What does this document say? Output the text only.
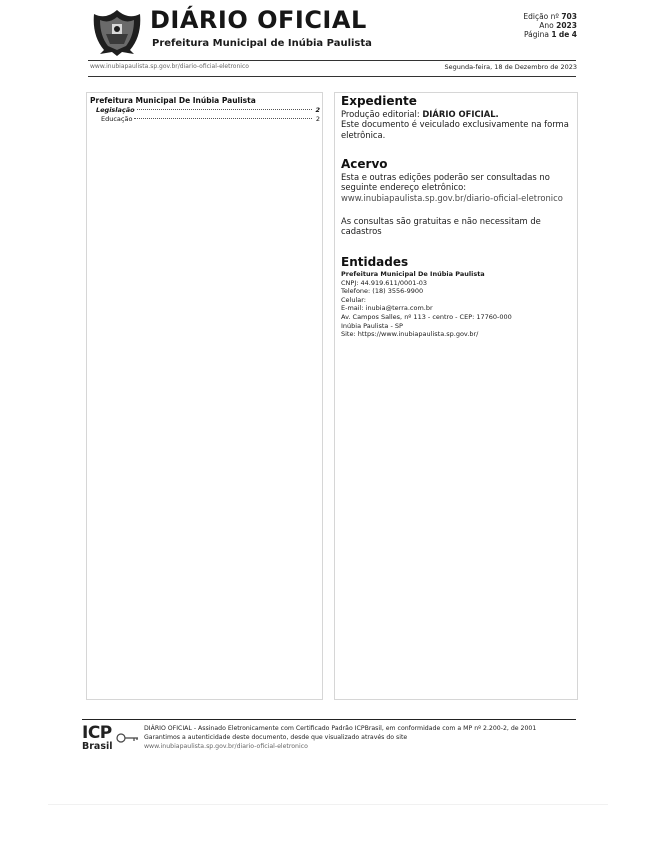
DIÁRIO OFICIAL
Prefeitura Municipal de Inúbia Paulista
Edição nº 703
Ano 2023
Página 1 de 4
www.inubiapaulista.sp.gov.br/diario-oficial-eletronico	Segunda-feira, 18 de Dezembro de 2023
Prefeitura Municipal De Inúbia Paulista
Legislação	2
Educação	2
Expediente
Produção editorial: DIÁRIO OFICIAL.
Este documento é veiculado exclusivamente na forma eletrônica.
Acervo
Esta e outras edições poderão ser consultadas no seguinte endereço eletrônico:
www.inubiapaulista.sp.gov.br/diario-oficial-eletronico
As consultas são gratuitas e não necessitam de cadastros
Entidades
Prefeitura Municipal De Inúbia Paulista
CNPJ: 44.919.611/0001-03
Telefone: (18) 3556-9900
Celular:
E-mail: inubia@terra.com.br
Av. Campos Salles, nº 113 - centro - CEP: 17760-000
Inúbia Paulista - SP
Site: https://www.inubiapaulista.sp.gov.br/
ICP
Brasil
DIÁRIO OFICIAL - Assinado Eletronicamente com Certificado Padrão ICPBrasil, em conformidade com a MP nº 2.200-2, de 2001
Garantimos a autenticidade deste documento, desde que visualizado através do site
www.inubiapaulista.sp.gov.br/diario-oficial-eletronico
